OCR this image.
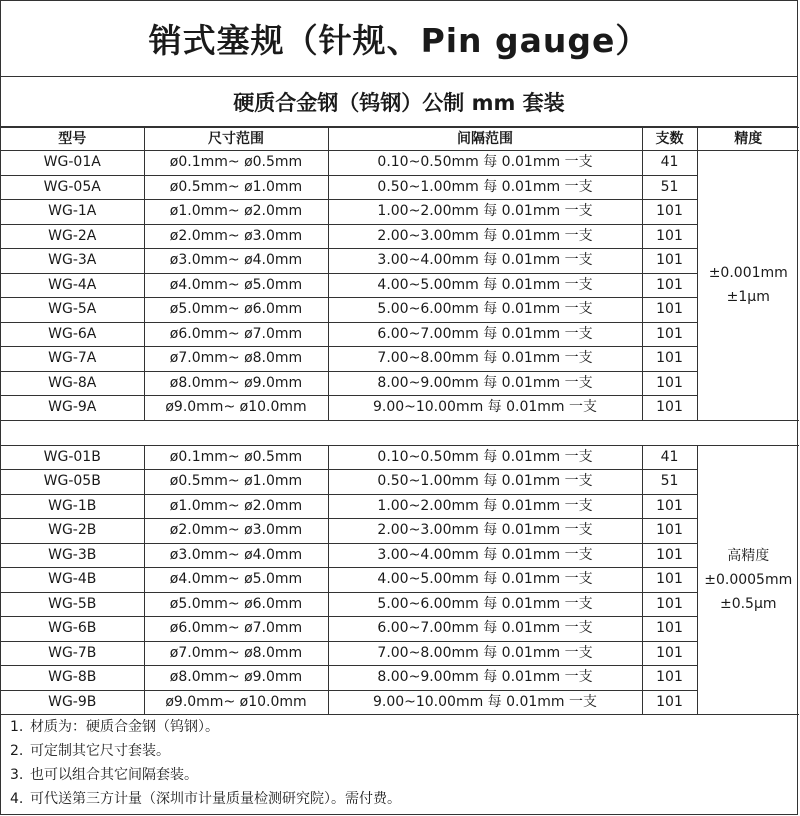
销式塞规（针规、Pin gauge）
硬质合金钢（钨钢）公制 mm 套装
型号	尺寸范围	间隔范围	支数	精度
WG-01A	ø0.1mm~ ø0.5mm	0.10~0.50mm 每 0.01mm 一支	41	±0.001mm
±1μm

WG-05A	ø0.5mm~ ø1.0mm	0.50~1.00mm 每 0.01mm 一支	51	
WG-1A	ø1.0mm~ ø2.0mm	1.00~2.00mm 每 0.01mm 一支	101	
WG-2A	ø2.0mm~ ø3.0mm	2.00~3.00mm 每 0.01mm 一支	101	
WG-3A	ø3.0mm~ ø4.0mm	3.00~4.00mm 每 0.01mm 一支	101	
WG-4A	ø4.0mm~ ø5.0mm	4.00~5.00mm 每 0.01mm 一支	101	
WG-5A	ø5.0mm~ ø6.0mm	5.00~6.00mm 每 0.01mm 一支	101	
WG-6A	ø6.0mm~ ø7.0mm	6.00~7.00mm 每 0.01mm 一支	101	
WG-7A	ø7.0mm~ ø8.0mm	7.00~8.00mm 每 0.01mm 一支	101	
WG-8A	ø8.0mm~ ø9.0mm	8.00~9.00mm 每 0.01mm 一支	101	
WG-9A	ø9.0mm~ ø10.0mm	9.00~10.00mm 每 0.01mm 一支	101	

WG-01B	ø0.1mm~ ø0.5mm	0.10~0.50mm 每 0.01mm 一支	41	高精度
±0.0005mm
±0.5μm

WG-05B	ø0.5mm~ ø1.0mm	0.50~1.00mm 每 0.01mm 一支	51	
WG-1B	ø1.0mm~ ø2.0mm	1.00~2.00mm 每 0.01mm 一支	101	
WG-2B	ø2.0mm~ ø3.0mm	2.00~3.00mm 每 0.01mm 一支	101	
WG-3B	ø3.0mm~ ø4.0mm	3.00~4.00mm 每 0.01mm 一支	101	
WG-4B	ø4.0mm~ ø5.0mm	4.00~5.00mm 每 0.01mm 一支	101	
WG-5B	ø5.0mm~ ø6.0mm	5.00~6.00mm 每 0.01mm 一支	101	
WG-6B	ø6.0mm~ ø7.0mm	6.00~7.00mm 每 0.01mm 一支	101	
WG-7B	ø7.0mm~ ø8.0mm	7.00~8.00mm 每 0.01mm 一支	101	
WG-8B	ø8.0mm~ ø9.0mm	8.00~9.00mm 每 0.01mm 一支	101	
WG-9B	ø9.0mm~ ø10.0mm	9.00~10.00mm 每 0.01mm 一支	101	
1. 材质为：硬质合金钢（钨钢）。
2. 可定制其它尺寸套装。
3. 也可以组合其它间隔套装。
4. 可代送第三方计量（深圳市计量质量检测研究院）。需付费。
